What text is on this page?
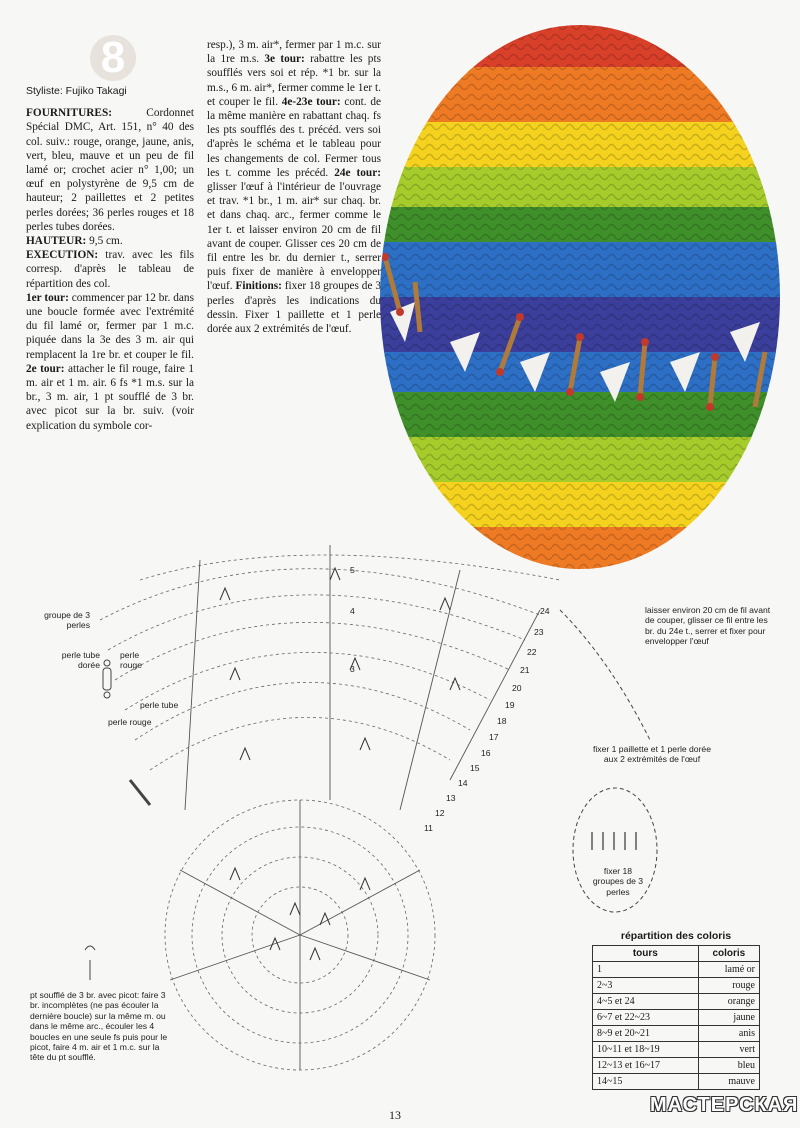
8

Styliste: Fujiko Takagi

FOURNITURES: Cordonnet Spécial DMC, Art. 151, n° 40 des col. suiv.: rouge, orange, jaune, anis, vert, bleu, mauve et un peu de fil lamé or; crochet acier n° 1,00; un œuf en polystyrène de 9,5 cm de hauteur; 2 paillettes et 2 petites perles dorées; 36 perles rouges et 18 perles tubes dorées.

HAUTEUR: 9,5 cm.

EXECUTION: trav. avec les fils corresp. d'après le tableau de répartition des col.

1er tour: commencer par 12 br. dans une boucle formée avec l'extrémité du fil lamé or, fermer par 1 m.c. piquée dans la 3e des 3 m. air qui remplacent la 1re br. et couper le fil. 2e tour: attacher le fil rouge, faire 1 m. air et 1 m. air. 6 fs *1 m.s. sur la br., 3 m. air, 1 pt soufflé de 3 br. avec picot sur la br. suiv. (voir explication du symbole cor-

resp.), 3 m. air*, fermer par 1 m.c. sur la 1re m.s. 3e tour: rabattre les pts soufflés vers soi et rép. *1 br. sur la m.s., 6 m. air*, fermer comme le 1er t. et couper le fil. 4e-23e tour: cont. de la même manière en rabattant chaq. fs les pts soufflés des t. précéd. vers soi d'après le schéma et le tableau pour les changements de col. Fermer tous les t. comme les précéd. 24e tour: glisser l'œuf à l'intérieur de l'ouvrage et trav. *1 br., 1 m. air* sur chaq. br. et dans chaq. arc., fermer comme le 1er t. et laisser environ 20 cm de fil avant de couper. Glisser ces 20 cm de fil entre les br. du dernier t., serrer puis fixer de manière à envelopper l'œuf. Finitions: fixer 18 groupes de 3 perles d'après les indications du dessin. Fixer 1 paillette et 1 perle dorée aux 2 extrémités de l'œuf.

24
23
22
21
20
19
18
17
16
15
14
13
12
11
5
4
3
groupe de 3 perles
perle tube dorée
perle rouge
perle tube
perle rouge
laisser environ 20 cm de fil avant de couper, glisser ce fil entre les br. du 24e t., serrer et fixer pour envelopper l'œuf
fixer 1 paillette et 1 perle dorée aux 2 extrémités de l'œuf
fixer 18 groupes de 3 perles
pt soufflé de 3 br. avec picot: faire 3 br. incomplètes (ne pas écouler la dernière boucle) sur la même m. ou dans le même arc., écouler les 4 boucles en une seule fs puis pour le picot, faire 4 m. air et 1 m.c. sur la tête du pt soufflé.
répartition des coloris
tours	coloris
1	lamé or
2~3	rouge
4~5 et 24	orange
6~7 et 22~23	jaune
8~9 et 20~21	anis
10~11 et 18~19	vert
12~13 et 16~17	bleu
14~15	mauve
13	МАСТЕРСКАЯ
